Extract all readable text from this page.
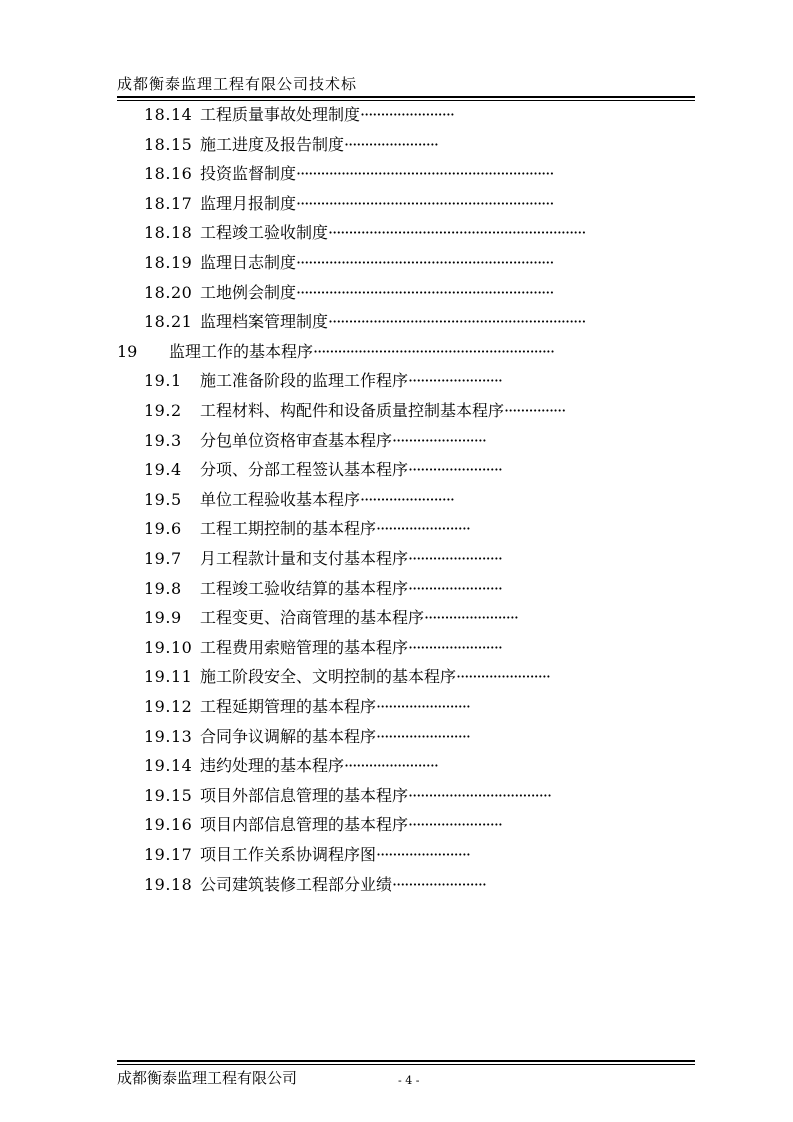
成都衡泰监理工程有限公司技术标
18.14 工程质量事故处理制度·······················
18.15 施工进度及报告制度·······················
18.16 投资监督制度·······························································
18.17 监理月报制度·······························································
18.18 工程竣工验收制度·······························································
18.19 监理日志制度·······························································
18.20 工地例会制度·······························································
18.21 监理档案管理制度·······························································
19 监理工作的基本程序···························································
19.1 施工准备阶段的监理工作程序·······················
19.2 工程材料、构配件和设备质量控制基本程序···············
19.3 分包单位资格审查基本程序·······················
19.4 分项、分部工程签认基本程序·······················
19.5 单位工程验收基本程序·······················
19.6 工程工期控制的基本程序·······················
19.7 月工程款计量和支付基本程序·······················
19.8 工程竣工验收结算的基本程序·······················
19.9 工程变更、洽商管理的基本程序·······················
19.10 工程费用索赔管理的基本程序·······················
19.11 施工阶段安全、文明控制的基本程序·······················
19.12 工程延期管理的基本程序·······················
19.13 合同争议调解的基本程序·······················
19.14 违约处理的基本程序·······················
19.15 项目外部信息管理的基本程序···································
19.16 项目内部信息管理的基本程序·······················
19.17 项目工作关系协调程序图·······················
19.18 公司建筑装修工程部分业绩·······················
成都衡泰监理工程有限公司	- 4 -
